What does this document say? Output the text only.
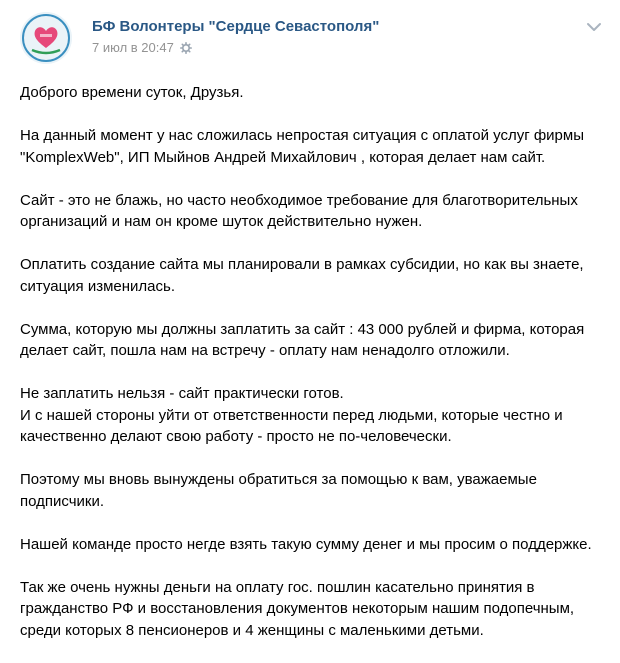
БФ Волонтеры "Сердце Севастополя"
7 июл в 20:47

Доброго времени суток, Друзья.

На данный момент у нас сложилась непростая ситуация с оплатой услуг фирмы
"KomplexWeb", ИП Мыйнов Андрей Михайлович , которая делает нам сайт.

Сайт - это не блажь, но часто необходимое требование для благотворительных
организаций и нам он кроме шуток действительно нужен.

Оплатить создание сайта мы планировали в рамках субсидии, но как вы знаете,
ситуация изменилась.

Сумма, которую мы должны заплатить за сайт : 43 000 рублей и фирма, которая
делает сайт, пошла нам на встречу - оплату нам ненадолго отложили.

Не заплатить нельзя - сайт практически готов.
И с нашей стороны уйти от ответственности перед людьми, которые честно и
качественно делают свою работу - просто не по-человечески.

Поэтому мы вновь вынуждены обратиться за помощью к вам, уважаемые
подписчики.

Нашей команде просто негде взять такую сумму денег и мы просим о поддержке.

Так же очень нужны деньги на оплату гос. пошлин касательно принятия в
гражданство РФ и восстановления документов некоторым нашим подопечным,
среди которых 8 пенсионеров и 4 женщины с маленькими детьми.
